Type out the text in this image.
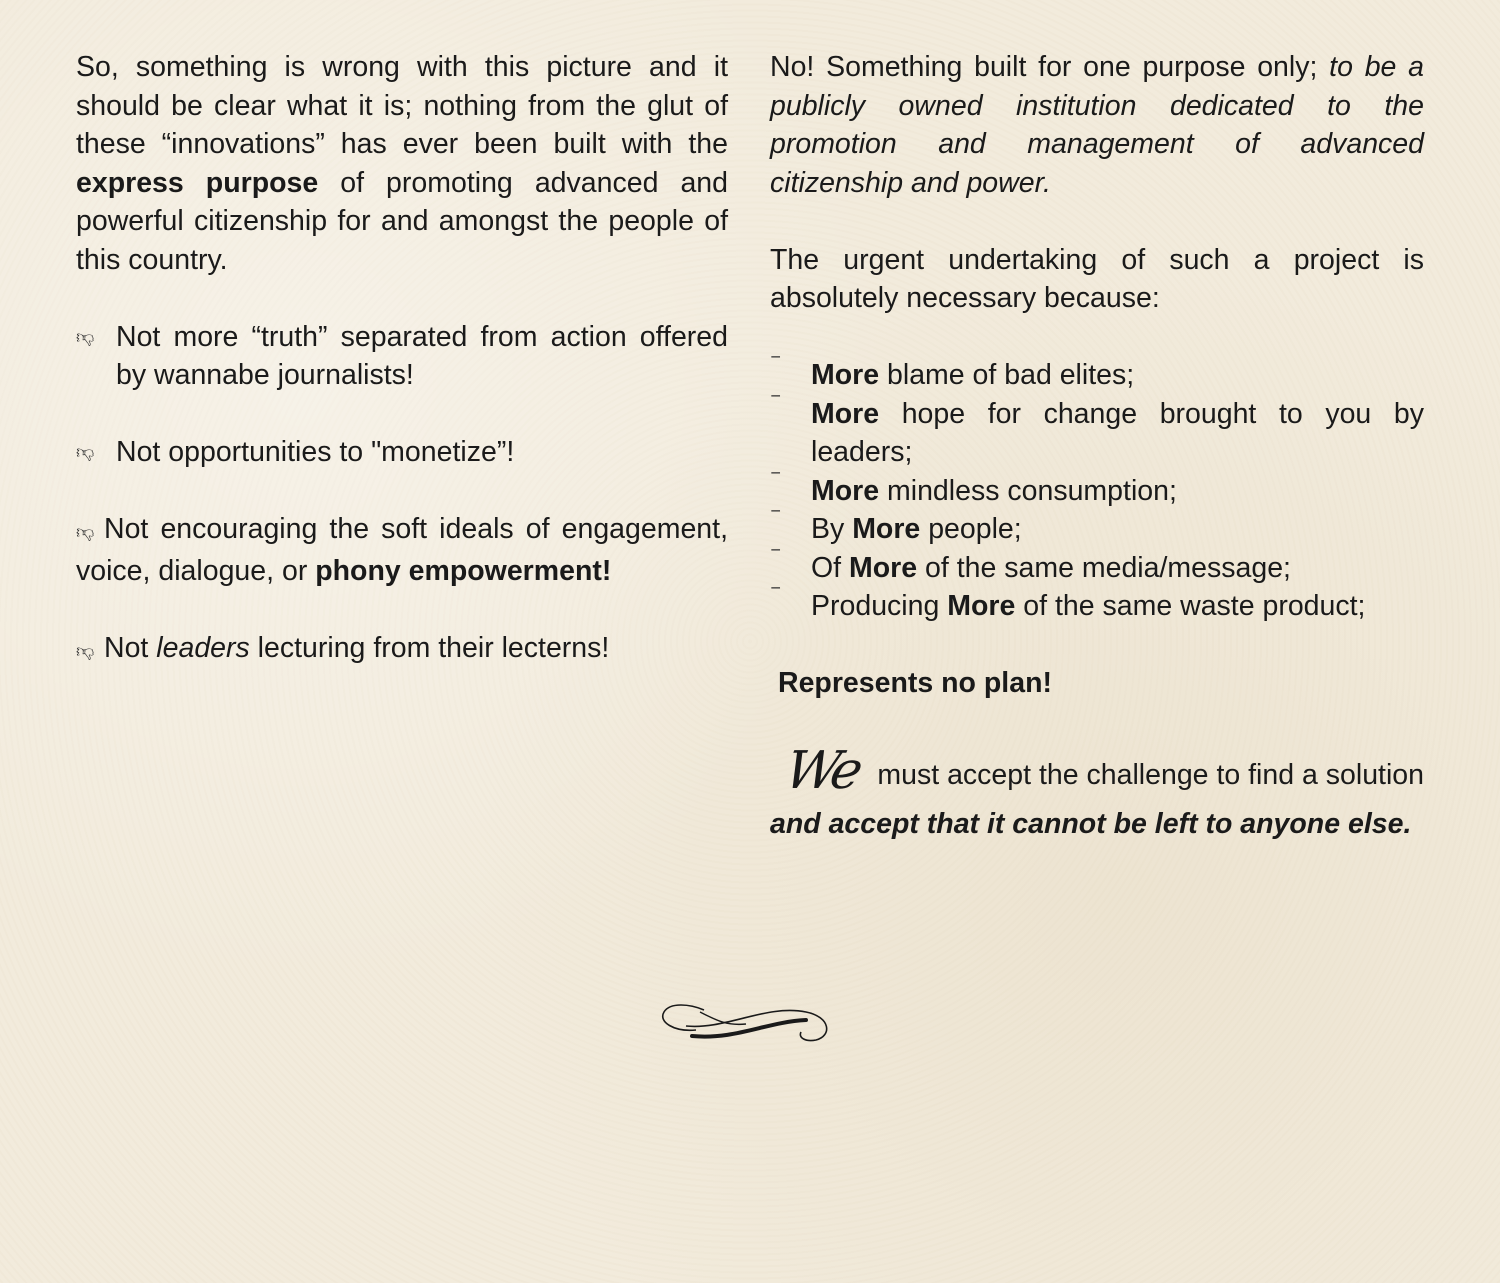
So, something is wrong with this picture and it should be clear what it is; nothing from the glut of these “innovations” has ever been built with the express purpose of promoting advanced and powerful citizenship for and amongst the people of this country.

👎︎ Not more “truth” separated from action offered by wannabe journalists!
👎︎ Not opportunities to "monetize”!

👎︎ Not encouraging the soft ideals of engagement, voice, dialogue, or phony empowerment!

👎︎ Not leaders lecturing from their lecterns!

No! Something built for one purpose only; to be a publicly owned institution dedicated to the promotion and management of advanced citizenship and power.

The urgent undertaking of such a project is absolutely necessary because:

‾ More blame of bad elites;
‾ More hope for change brought to you by leaders;
‾ More mindless consumption;
‾ By More people;
‾ Of More of the same media/message;
‾ Producing More of the same waste product;

Represents no plan!

We must accept the challenge to find a solution

and accept that it cannot be left to anyone else.
